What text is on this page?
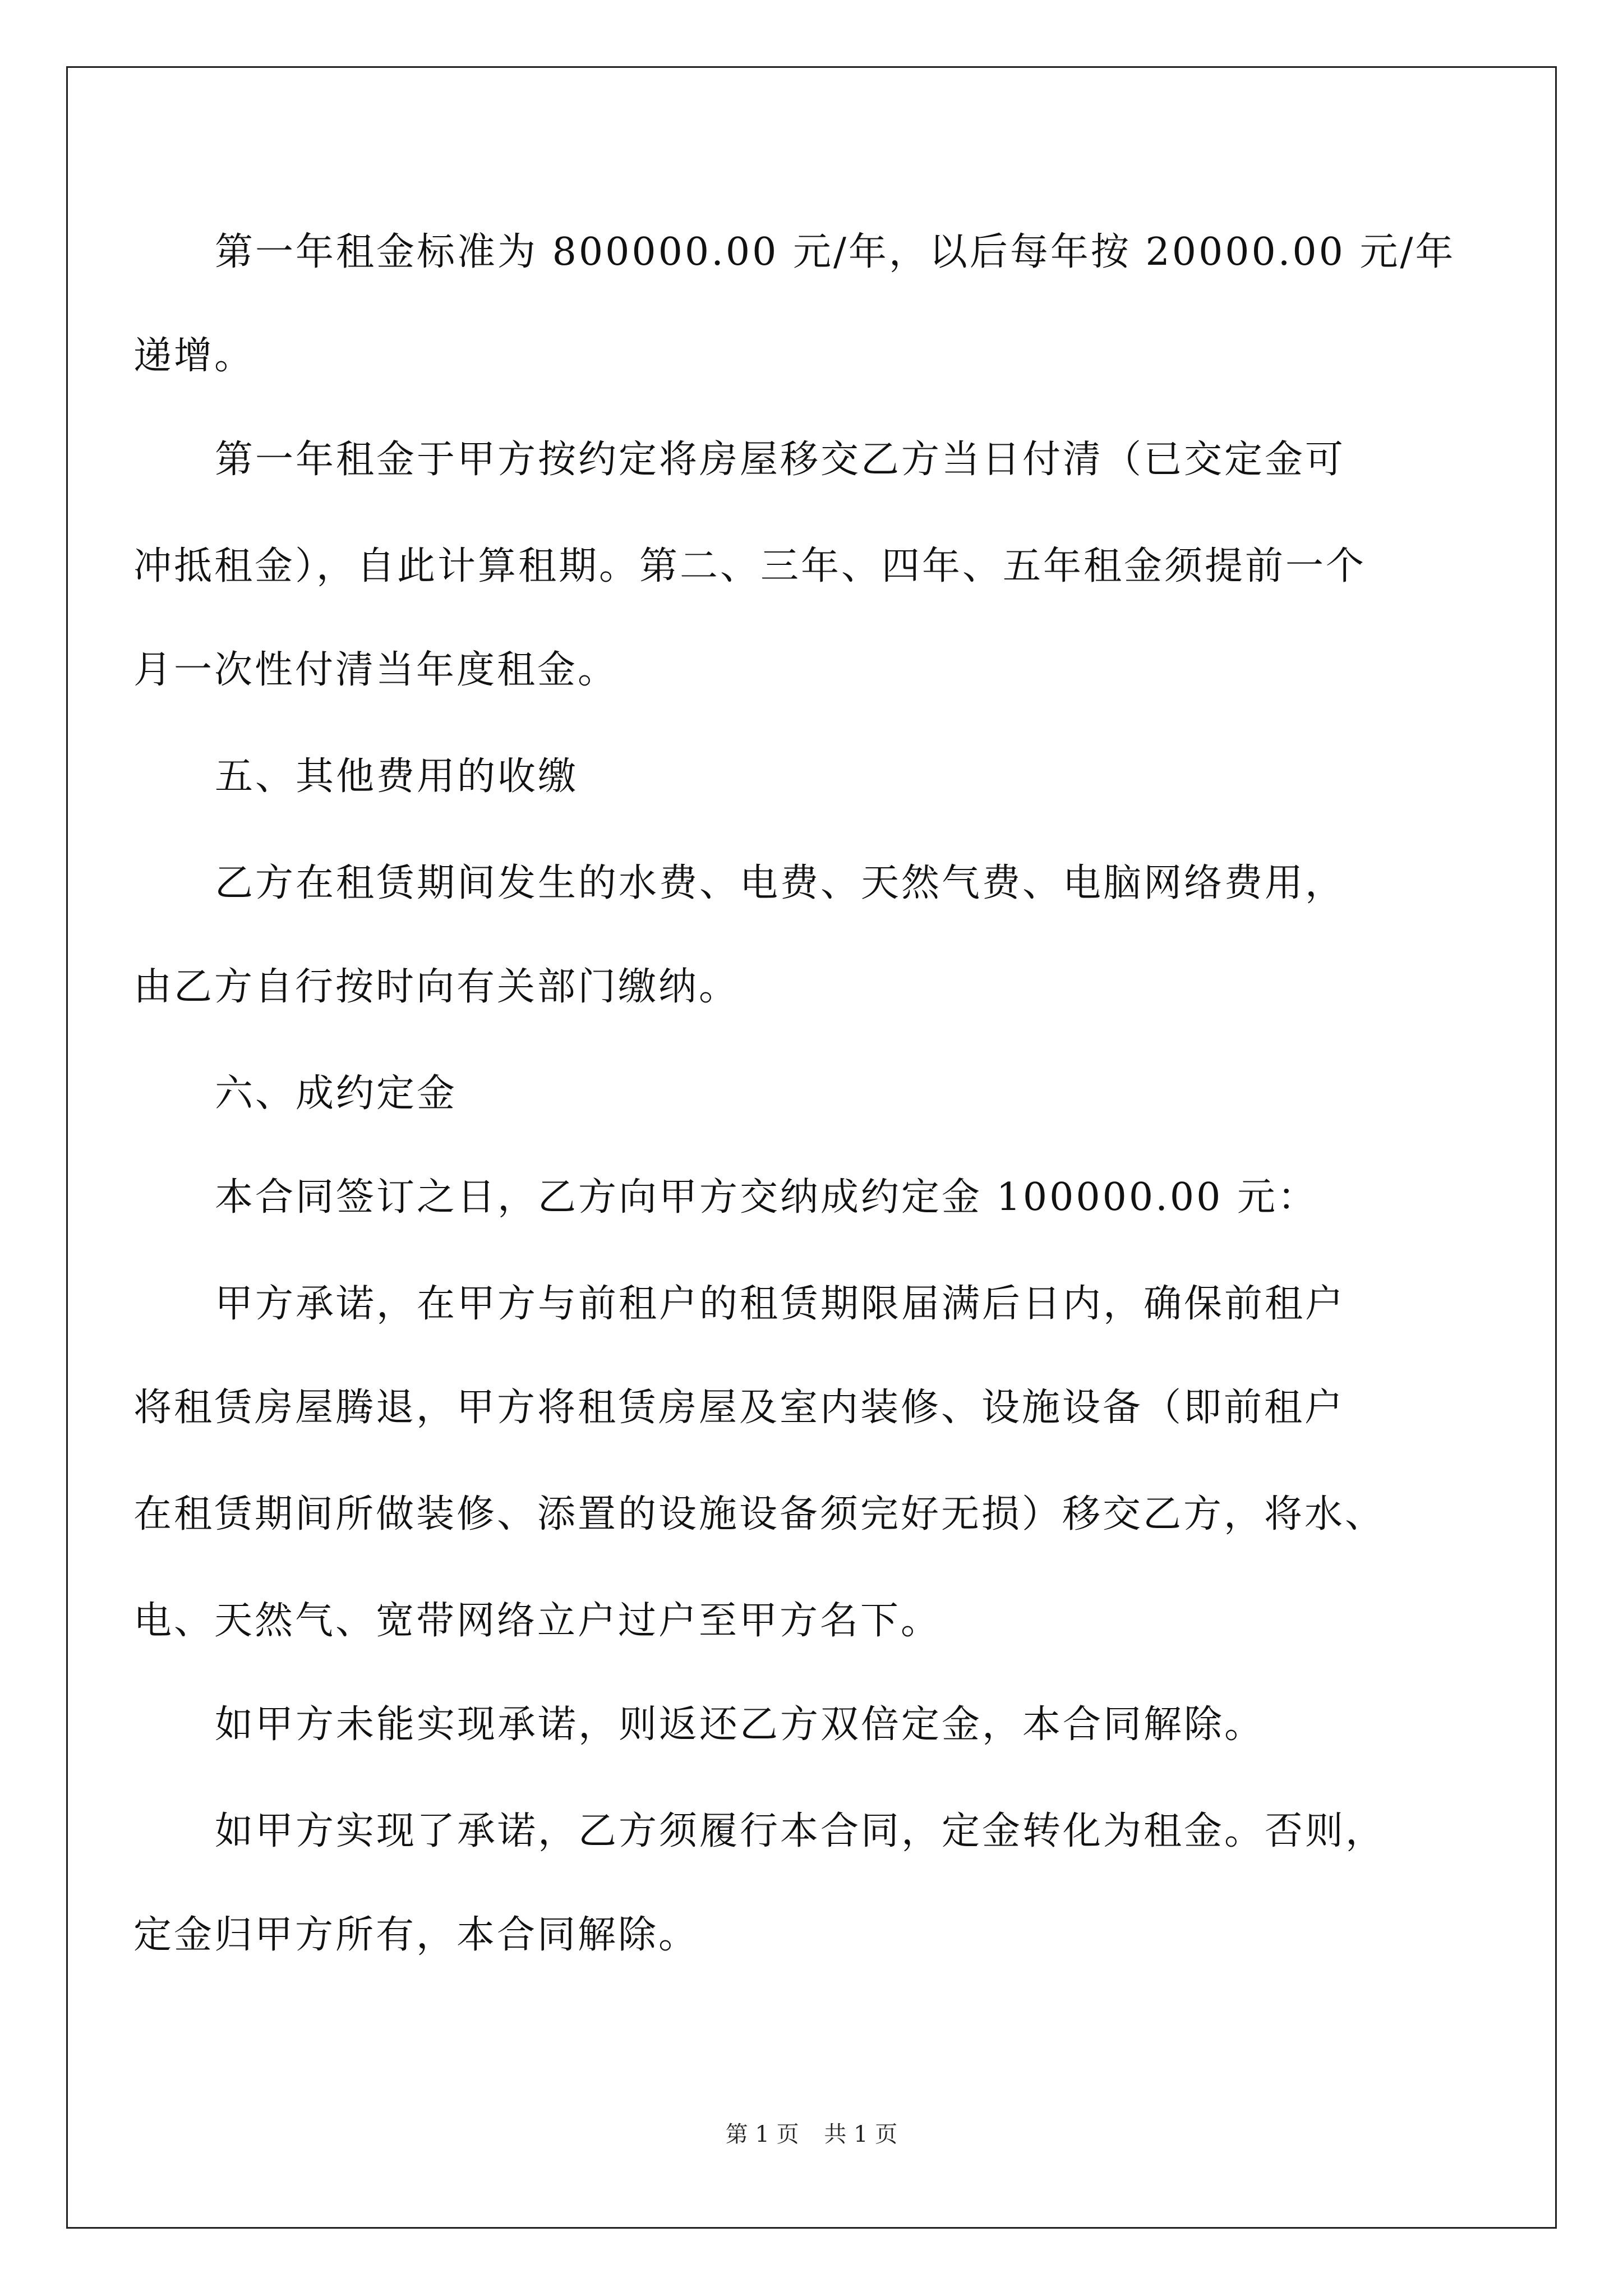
第一年租金标准为 800000.00 元/年，以后每年按 20000.00 元/年
递增。
第一年租金于甲方按约定将房屋移交乙方当日付清（已交定金可
冲抵租金），自此计算租期。第二、三年、四年、五年租金须提前一个
月一次性付清当年度租金。
五、其他费用的收缴
乙方在租赁期间发生的水费、电费、天然气费、电脑网络费用，
由乙方自行按时向有关部门缴纳。
六、成约定金
本合同签订之日，乙方向甲方交纳成约定金 100000.00 元：
甲方承诺，在甲方与前租户的租赁期限届满后日内，确保前租户
将租赁房屋腾退，甲方将租赁房屋及室内装修、设施设备（即前租户
在租赁期间所做装修、添置的设施设备须完好无损）移交乙方，将水、
电、天然气、宽带网络立户过户至甲方名下。
如甲方未能实现承诺，则返还乙方双倍定金，本合同解除。
如甲方实现了承诺，乙方须履行本合同，定金转化为租金。否则，
定金归甲方所有，本合同解除。
第 1 页 共 1 页
